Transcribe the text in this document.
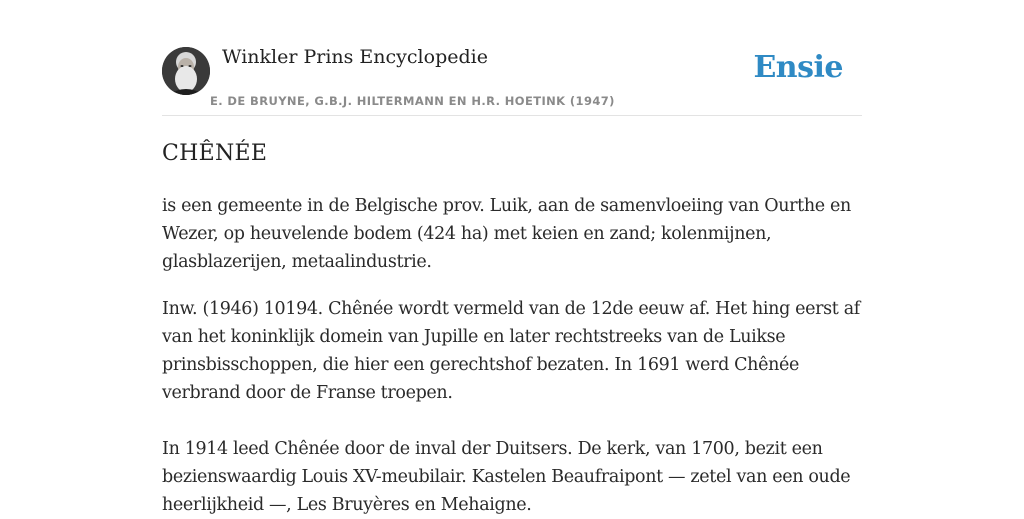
Winkler Prins Encyclopedie
E. DE BRUYNE, G.B.J. HILTERMANN EN H.R. HOETINK (1947)
Ensie
CHÊNÉE

is een gemeente in de Belgische prov. Luik, aan de samenvloeiing van Ourthe en Wezer, op heuvelende bodem (424 ha) met keien en zand; kolenmijnen, glasblazerijen, metaalindustrie.

Inw. (1946) 10194. Chênée wordt vermeld van de 12de eeuw af. Het hing eerst af van het koninklijk domein van Jupille en later rechtstreeks van de Luikse prinsbisschoppen, die hier een gerechtshof bezaten. In 1691 werd Chênée verbrand door de Franse troepen.

In 1914 leed Chênée door de inval der Duitsers. De kerk, van 1700, bezit een bezienswaardig Louis XV-meubilair. Kastelen Beaufraipont — zetel van een oude heerlijkheid —, Les Bruyères en Mehaigne.
